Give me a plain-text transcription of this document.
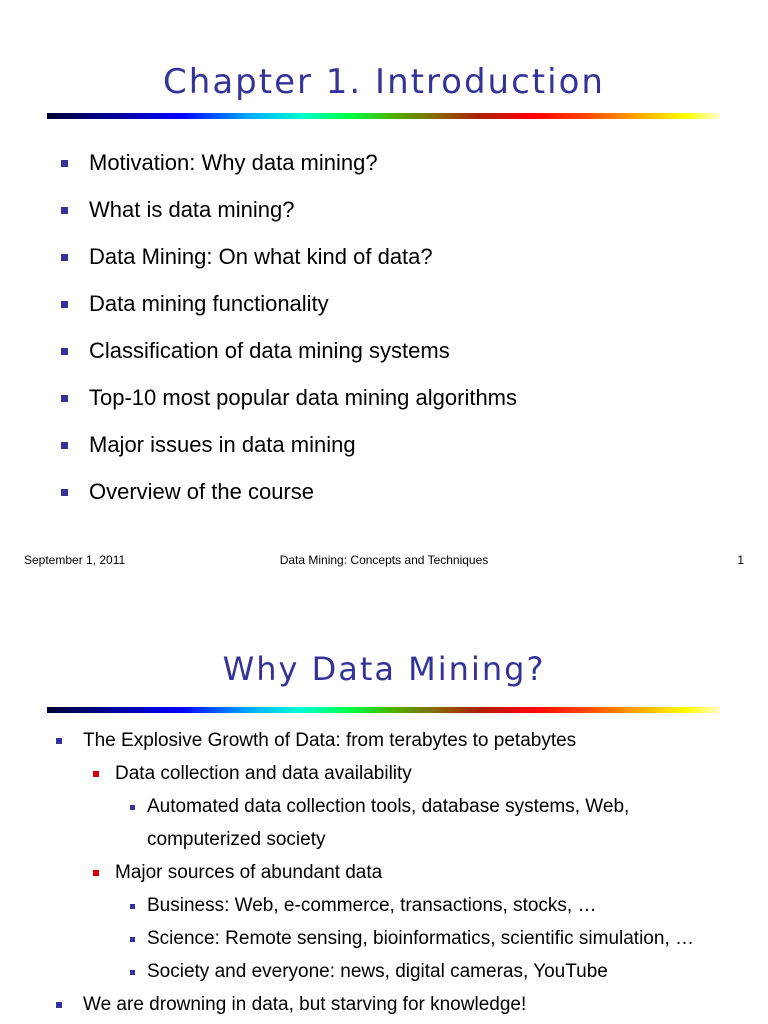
Chapter 1. Introduction
Motivation: Why data mining?
What is data mining?
Data Mining: On what kind of data?
Data mining functionality
Classification of data mining systems
Top-10 most popular data mining algorithms
Major issues in data mining
Overview of the course
September 1, 2011	Data Mining: Concepts and Techniques	1
Why Data Mining?
The Explosive Growth of Data: from terabytes to petabytes
Data collection and data availability
Automated data collection tools, database systems, Web,
computerized society
Major sources of abundant data
Business: Web, e-commerce, transactions, stocks, …
Science: Remote sensing, bioinformatics, scientific simulation, …
Society and everyone: news, digital cameras, YouTube
We are drowning in data, but starving for knowledge!
